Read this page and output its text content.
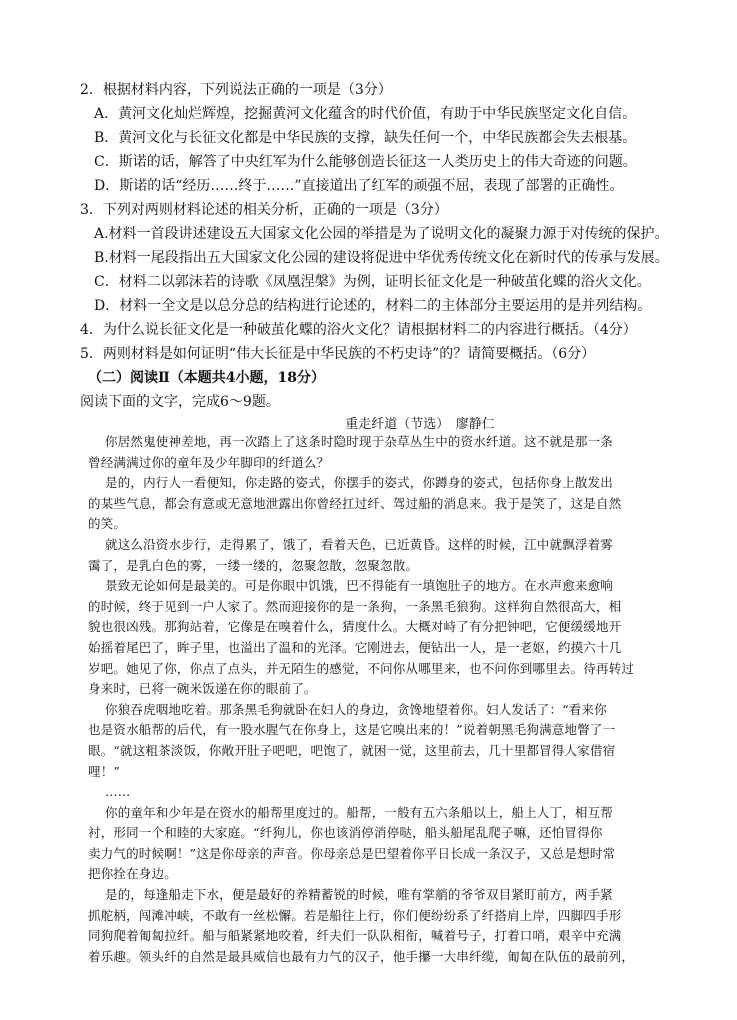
2．根据材料内容，下列说法正确的一项是（3分）
A．黄河文化灿烂辉煌，挖掘黄河文化蕴含的时代价值，有助于中华民族坚定文化自信。
B．黄河文化与长征文化都是中华民族的支撑，缺失任何一个，中华民族都会失去根基。
C．斯诺的话，解答了中央红军为什么能够创造长征这一人类历史上的伟大奇迹的问题。
D．斯诺的话“经历……终于……”直接道出了红军的顽强不屈，表现了部署的正确性。
3．下列对两则材料论述的相关分析，正确的一项是（3分）
A.材料一首段讲述建设五大国家文化公园的举措是为了说明文化的凝聚力源于对传统的保护。
B.材料一尾段指出五大国家文化公园的建设将促进中华优秀传统文化在新时代的传承与发展。
C．材料二以郭沫若的诗歌《凤凰涅槃》为例，证明长征文化是一种破茧化蝶的浴火文化。
D．材料一全文是以总分总的结构进行论述的，材料二的主体部分主要运用的是并列结构。
4．为什么说长征文化是一种破茧化蝶的浴火文化？请根据材料二的内容进行概括。（4分）
5．两则材料是如何证明“伟大长征是中华民族的不朽史诗”的？请简要概括。（6分）
（二）阅读Ⅱ（本题共4小题，18分）
阅读下面的文字，完成6～9题。
重走纤道（节选）　廖静仁
你居然鬼使神差地，再一次踏上了这条时隐时现于杂草丛生中的资水纤道。这不就是那一条
曾经满满过你的童年及少年脚印的纤道么？
是的，内行人一看便知，你走路的姿式，你摆手的姿式，你蹲身的姿式，包括你身上散发出
的某些气息，都会有意或无意地泄露出你曾经扛过纤、驾过船的消息来。我于是笑了，这是自然
的笑。
就这么沿资水步行，走得累了，饿了，看着天色，已近黄昏。这样的时候，江中就飘浮着雾
霭了，是乳白色的雾，一缕一缕的，忽聚忽散，忽聚忽散。
景致无论如何是最美的。可是你眼中饥饿，巴不得能有一填饱肚子的地方。在水声愈来愈响
的时候，终于见到一户人家了。然而迎接你的是一条狗，一条黑毛狼狗。这样狗自然很高大，相
貌也很凶残。那狗站着，它像是在嗅着什么，猜度什么。大概对峙了有分把钟吧，它便缓缓地开
始摇着尾巴了，眸子里，也溢出了温和的光泽。它刚进去，便钻出一人，是一老妪，约摸六十几
岁吧。她见了你，你点了点头，并无陌生的感觉，不问你从哪里来，也不问你到哪里去。待再转过
身来时，已将一碗米饭递在你的眼前了。
你狼吞虎咽地吃着。那条黑毛狗就卧在妇人的身边，贪馋地望着你。妇人发话了：“看来你
也是资水船帮的后代，有一股水腥气在你身上，这是它嗅出来的！”说着朝黑毛狗满意地瞥了一
眼。“就这粗茶淡饭，你敞开肚子吧吧，吧饱了，就困一觉，这里前去，几十里都冒得人家借宿
哩！”
……
你的童年和少年是在资水的船帮里度过的。船帮，一般有五六条船以上，船上人丁，相互帮
衬，形同一个和睦的大家庭。“纤狗儿，你也该消停消停哒，船头船尾乱爬子嘛，还怕冒得你
卖力气的时候啊！”这是你母亲的声音。你母亲总是巴望着你平日长成一条汉子，又总是想时常
把你拴在身边。
是的，每逢船走下水，便是最好的养精蓄锐的时候，唯有掌艄的爷爷双目紧盯前方，两手紧
抓舵柄，闯滩冲峡，不敢有一丝松懈。若是船往上行，你们便纷纷系了纤搭肩上岸，四脚四手形
同狗爬着匍匐拉纤。船与船紧紧地咬着，纤夫们一队队相衔，喊着号子，打着口哨，艰辛中充满
着乐趣。领头纤的自然是最具威信也最有力气的汉子，他手攥一大串纤缆，匍匐在队伍的最前列，
